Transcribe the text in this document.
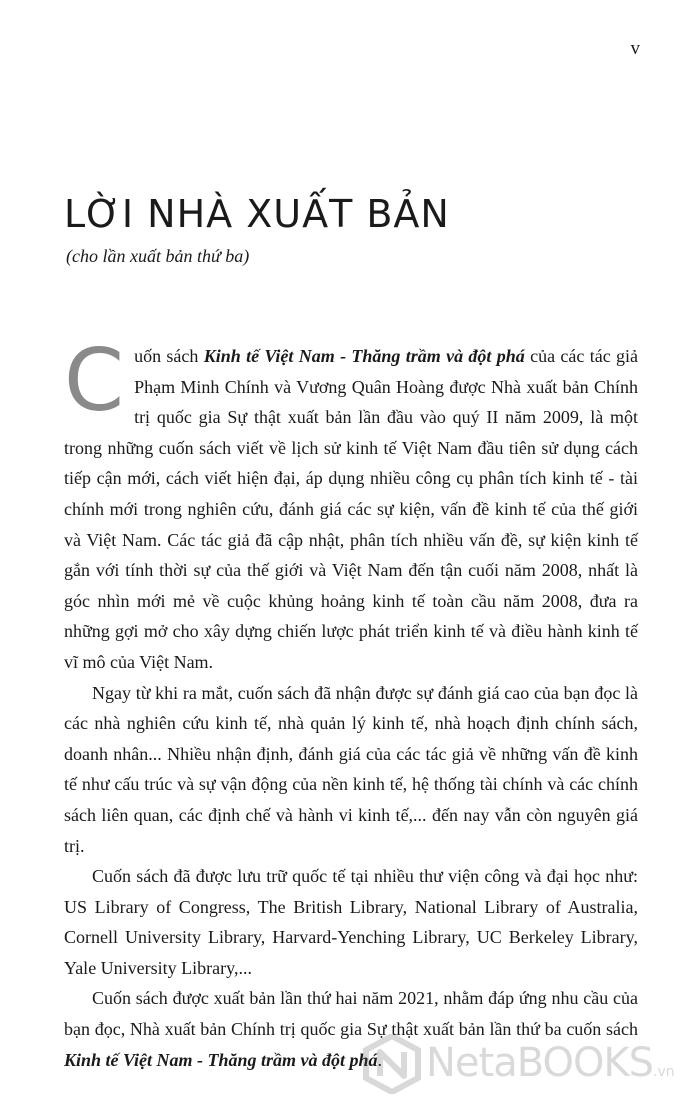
v
LỜI NHÀ XUẤT BẢN
(cho lần xuất bản thứ ba)

Cuốn sách Kinh tế Việt Nam - Thăng trầm và đột phá của các tác giả Phạm Minh Chính và Vương Quân Hoàng được Nhà xuất bản Chính trị quốc gia Sự thật xuất bản lần đầu vào quý II năm 2009, là một trong những cuốn sách viết về lịch sử kinh tế Việt Nam đầu tiên sử dụng cách tiếp cận mới, cách viết hiện đại, áp dụng nhiều công cụ phân tích kinh tế - tài chính mới trong nghiên cứu, đánh giá các sự kiện, vấn đề kinh tế của thế giới và Việt Nam. Các tác giả đã cập nhật, phân tích nhiều vấn đề, sự kiện kinh tế gắn với tính thời sự của thế giới và Việt Nam đến tận cuối năm 2008, nhất là góc nhìn mới mẻ về cuộc khủng hoảng kinh tế toàn cầu năm 2008, đưa ra những gợi mở cho xây dựng chiến lược phát triển kinh tế và điều hành kinh tế vĩ mô của Việt Nam.

Ngay từ khi ra mắt, cuốn sách đã nhận được sự đánh giá cao của bạn đọc là các nhà nghiên cứu kinh tế, nhà quản lý kinh tế, nhà hoạch định chính sách, doanh nhân... Nhiều nhận định, đánh giá của các tác giả về những vấn đề kinh tế như cấu trúc và sự vận động của nền kinh tế, hệ thống tài chính và các chính sách liên quan, các định chế và hành vi kinh tế,... đến nay vẫn còn nguyên giá trị.

Cuốn sách đã được lưu trữ quốc tế tại nhiều thư viện công và đại học như: US Library of Congress, The British Library, National Library of Australia, Cornell University Library, Harvard-Yenching Library, UC Berkeley Library, Yale University Library,...

Cuốn sách được xuất bản lần thứ hai năm 2021, nhằm đáp ứng nhu cầu của bạn đọc, Nhà xuất bản Chính trị quốc gia Sự thật xuất bản lần thứ ba cuốn sách Kinh tế Việt Nam - Thăng trầm và đột phá.	NetaBOOKS.vn
